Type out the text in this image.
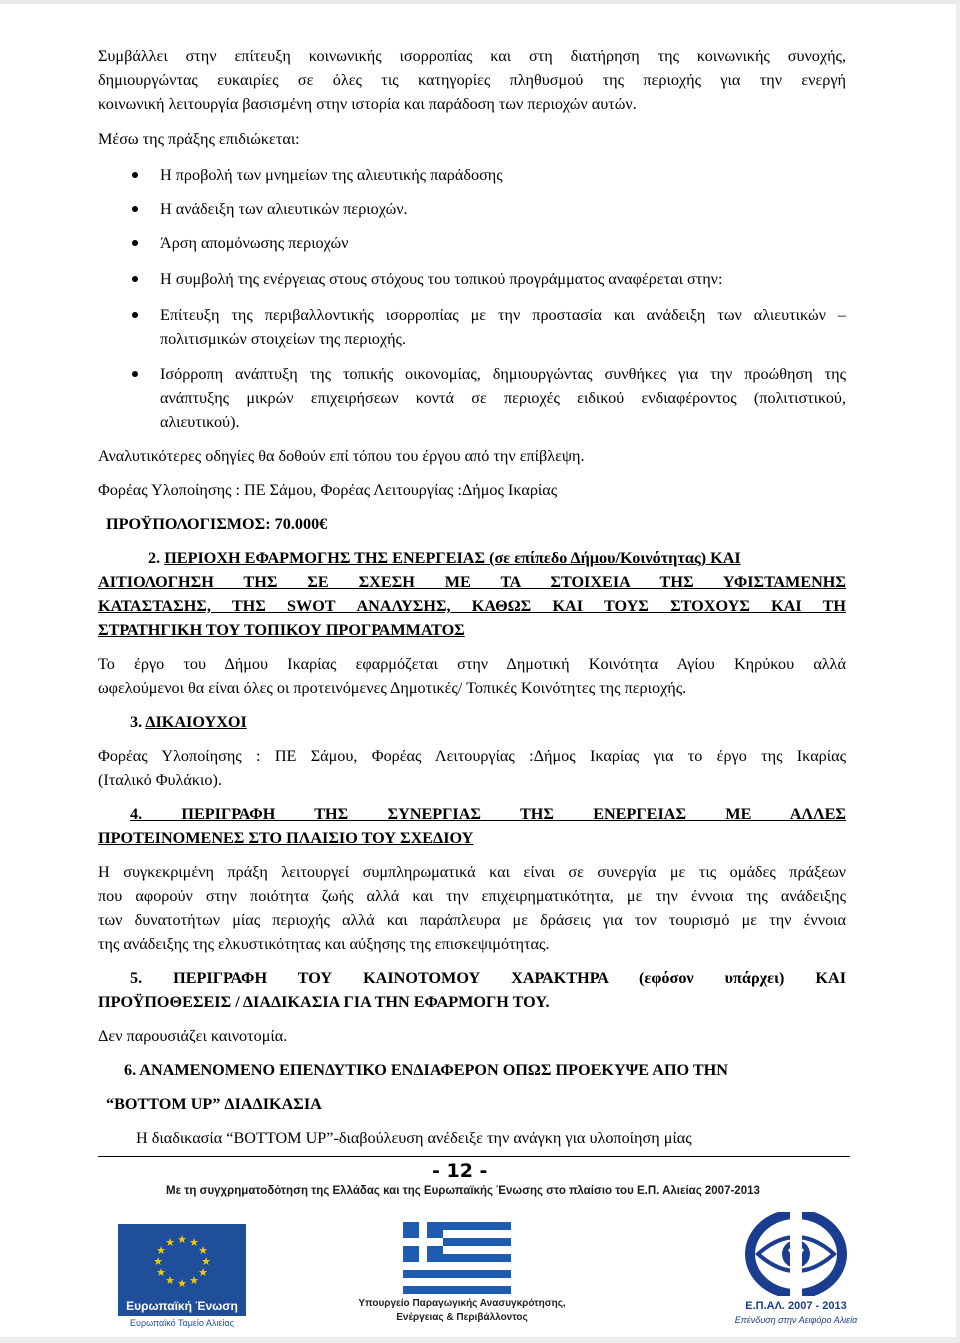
Συμβάλλει στην επίτευξη κοινωνικής ισορροπίας και στη διατήρηση της κοινωνικής συνοχής,
δημιουργώντας ευκαιρίες σε όλες τις κατηγορίες πληθυσμού της περιοχής για την ενεργή
κοινωνική λειτουργία βασισμένη στην ιστορία και παράδοση των περιοχών αυτών.
Μέσω της πράξης επιδιώκεται:
Η προβολή των μνημείων της αλιευτικής παράδοσης
Η ανάδειξη των αλιευτικών περιοχών.
Άρση απομόνωσης περιοχών
Η συμβολή της ενέργειας στους στόχους του τοπικού προγράμματος αναφέρεται στην:
Επίτευξη της περιβαλλοντικής ισορροπίας με την προστασία και ανάδειξη των αλιευτικών –
πολιτισμικών στοιχείων της περιοχής.
Ισόρροπη ανάπτυξη της τοπικής οικονομίας, δημιουργώντας συνθήκες για την προώθηση της
ανάπτυξης μικρών επιχειρήσεων κοντά σε περιοχές ειδικού ενδιαφέροντος (πολιτιστικού,
αλιευτικού).
Αναλυτικότερες οδηγίες θα δοθούν επί τόπου του έργου από την επίβλεψη.
Φορέας Υλοποίησης : ΠΕ Σάμου, Φορέας Λειτουργίας :Δήμος Ικαρίας
ΠΡΟΫΠΟΛΟΓΙΣΜΟΣ: 70.000€
2. ΠΕΡΙΟΧΗ ΕΦΑΡΜΟΓΗΣ ΤΗΣ ΕΝΕΡΓΕΙΑΣ (σε επίπεδο Δήμου/Κοινότητας) ΚΑΙ
ΑΙΤΙΟΛΟΓΗΣΗ ΤΗΣ ΣΕ ΣΧΕΣΗ ΜΕ ΤΑ ΣΤΟΙΧΕΙΑ ΤΗΣ ΥΦΙΣΤΑΜΕΝΗΣ
ΚΑΤΑΣΤΑΣΗΣ, ΤΗΣ SWOT ΑΝΑΛΥΣΗΣ, ΚΑΘΩΣ ΚΑΙ ΤΟΥΣ ΣΤΟΧΟΥΣ ΚΑΙ ΤΗ
ΣΤΡΑΤΗΓΙΚΗ ΤΟΥ ΤΟΠΙΚΟΥ ΠΡΟΓΡΑΜΜΑΤΟΣ
Το έργο του Δήμου Ικαρίας εφαρμόζεται στην Δημοτική Κοινότητα Αγίου Κηρύκου αλλά
ωφελούμενοι θα είναι όλες οι προτεινόμενες Δημοτικές/ Τοπικές Κοινότητες της περιοχής.
3. ΔΙΚΑΙΟΥΧΟΙ
Φορέας Υλοποίησης : ΠΕ Σάμου, Φορέας Λειτουργίας :Δήμος Ικαρίας για το έργο της Ικαρίας
(Ιταλικό Φυλάκιο).
4. ΠΕΡΙΓΡΑΦΗ ΤΗΣ ΣΥΝΕΡΓΙΑΣ ΤΗΣ ΕΝΕΡΓΕΙΑΣ ΜΕ ΑΛΛΕΣ
ΠΡΟΤΕΙΝΟΜΕΝΕΣ ΣΤΟ ΠΛΑΙΣΙΟ ΤΟΥ ΣΧΕΔΙΟΥ
Η συγκεκριμένη πράξη λειτουργεί συμπληρωματικά και είναι σε συνεργία με τις ομάδες πράξεων
που αφορούν στην ποιότητα ζωής αλλά και την επιχειρηματικότητα, με την έννοια της ανάδειξης
των δυνατοτήτων μίας περιοχής αλλά και παράπλευρα με δράσεις για τον τουρισμό με την έννοια
της ανάδειξης της ελκυστικότητας και αύξησης της επισκεψιμότητας.
5. ΠΕΡΙΓΡΑΦΗ ΤΟΥ ΚΑΙΝΟΤΟΜΟΥ ΧΑΡΑΚΤΗΡΑ (εφόσον υπάρχει) ΚΑΙ
ΠΡΟΫΠΟΘΕΣΕΙΣ / ΔΙΑΔΙΚΑΣΙΑ ΓΙΑ ΤΗΝ ΕΦΑΡΜΟΓΗ ΤΟΥ.
Δεν παρουσιάζει καινοτομία.
6. ΑΝΑΜΕΝΟΜΕΝΟ ΕΠΕΝΔΥΤΙΚΟ ΕΝΔΙΑΦΕΡΟΝ ΟΠΩΣ ΠΡΟΕΚΥΨΕ ΑΠΟ ΤΗΝ
“BOTTOM UP” ΔΙΑΔΙΚΑΣΙΑ
Η διαδικασία “BOTTOM UP”-διαβούλευση ανέδειξε την ανάγκη για υλοποίηση μίας
- 12 -
Με τη συγχρηματοδότηση της Ελλάδας και της Ευρωπαϊκής Ένωσης στο πλαίσιο του Ε.Π. Αλιείας 2007-2013
★ ★
★
★
★
★
★
★
★
★
★
★
Ευρωπαϊκή Ένωση
Ευρωπαϊκό Ταμείο Αλιείας
Υπουργείο Παραγωγικής Ανασυγκρότησης,
Ενέργειας & Περιβάλλοντος
Ε.Π.ΑΛ. 2007 - 2013
Επένδυση στην Αειφόρο Αλιεία
